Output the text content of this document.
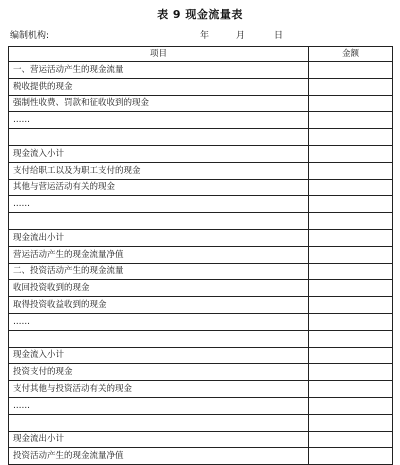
表 9 现金流量表
编制机构:	年	月	日
项目	金额
一、营运活动产生的现金流量	
税收提供的现金	
强制性收费、罚款和征收收到的现金	
……	

现金流入小计	
支付给职工以及为职工支付的现金	
其他与营运活动有关的现金	
……	

现金流出小计	
营运活动产生的现金流量净值	
二、投资活动产生的现金流量	
收回投资收到的现金	
取得投资收益收到的现金	
……	

现金流入小计	
投资支付的现金	
支付其他与投资活动有关的现金	
……	

现金流出小计	
投资活动产生的现金流量净值	
